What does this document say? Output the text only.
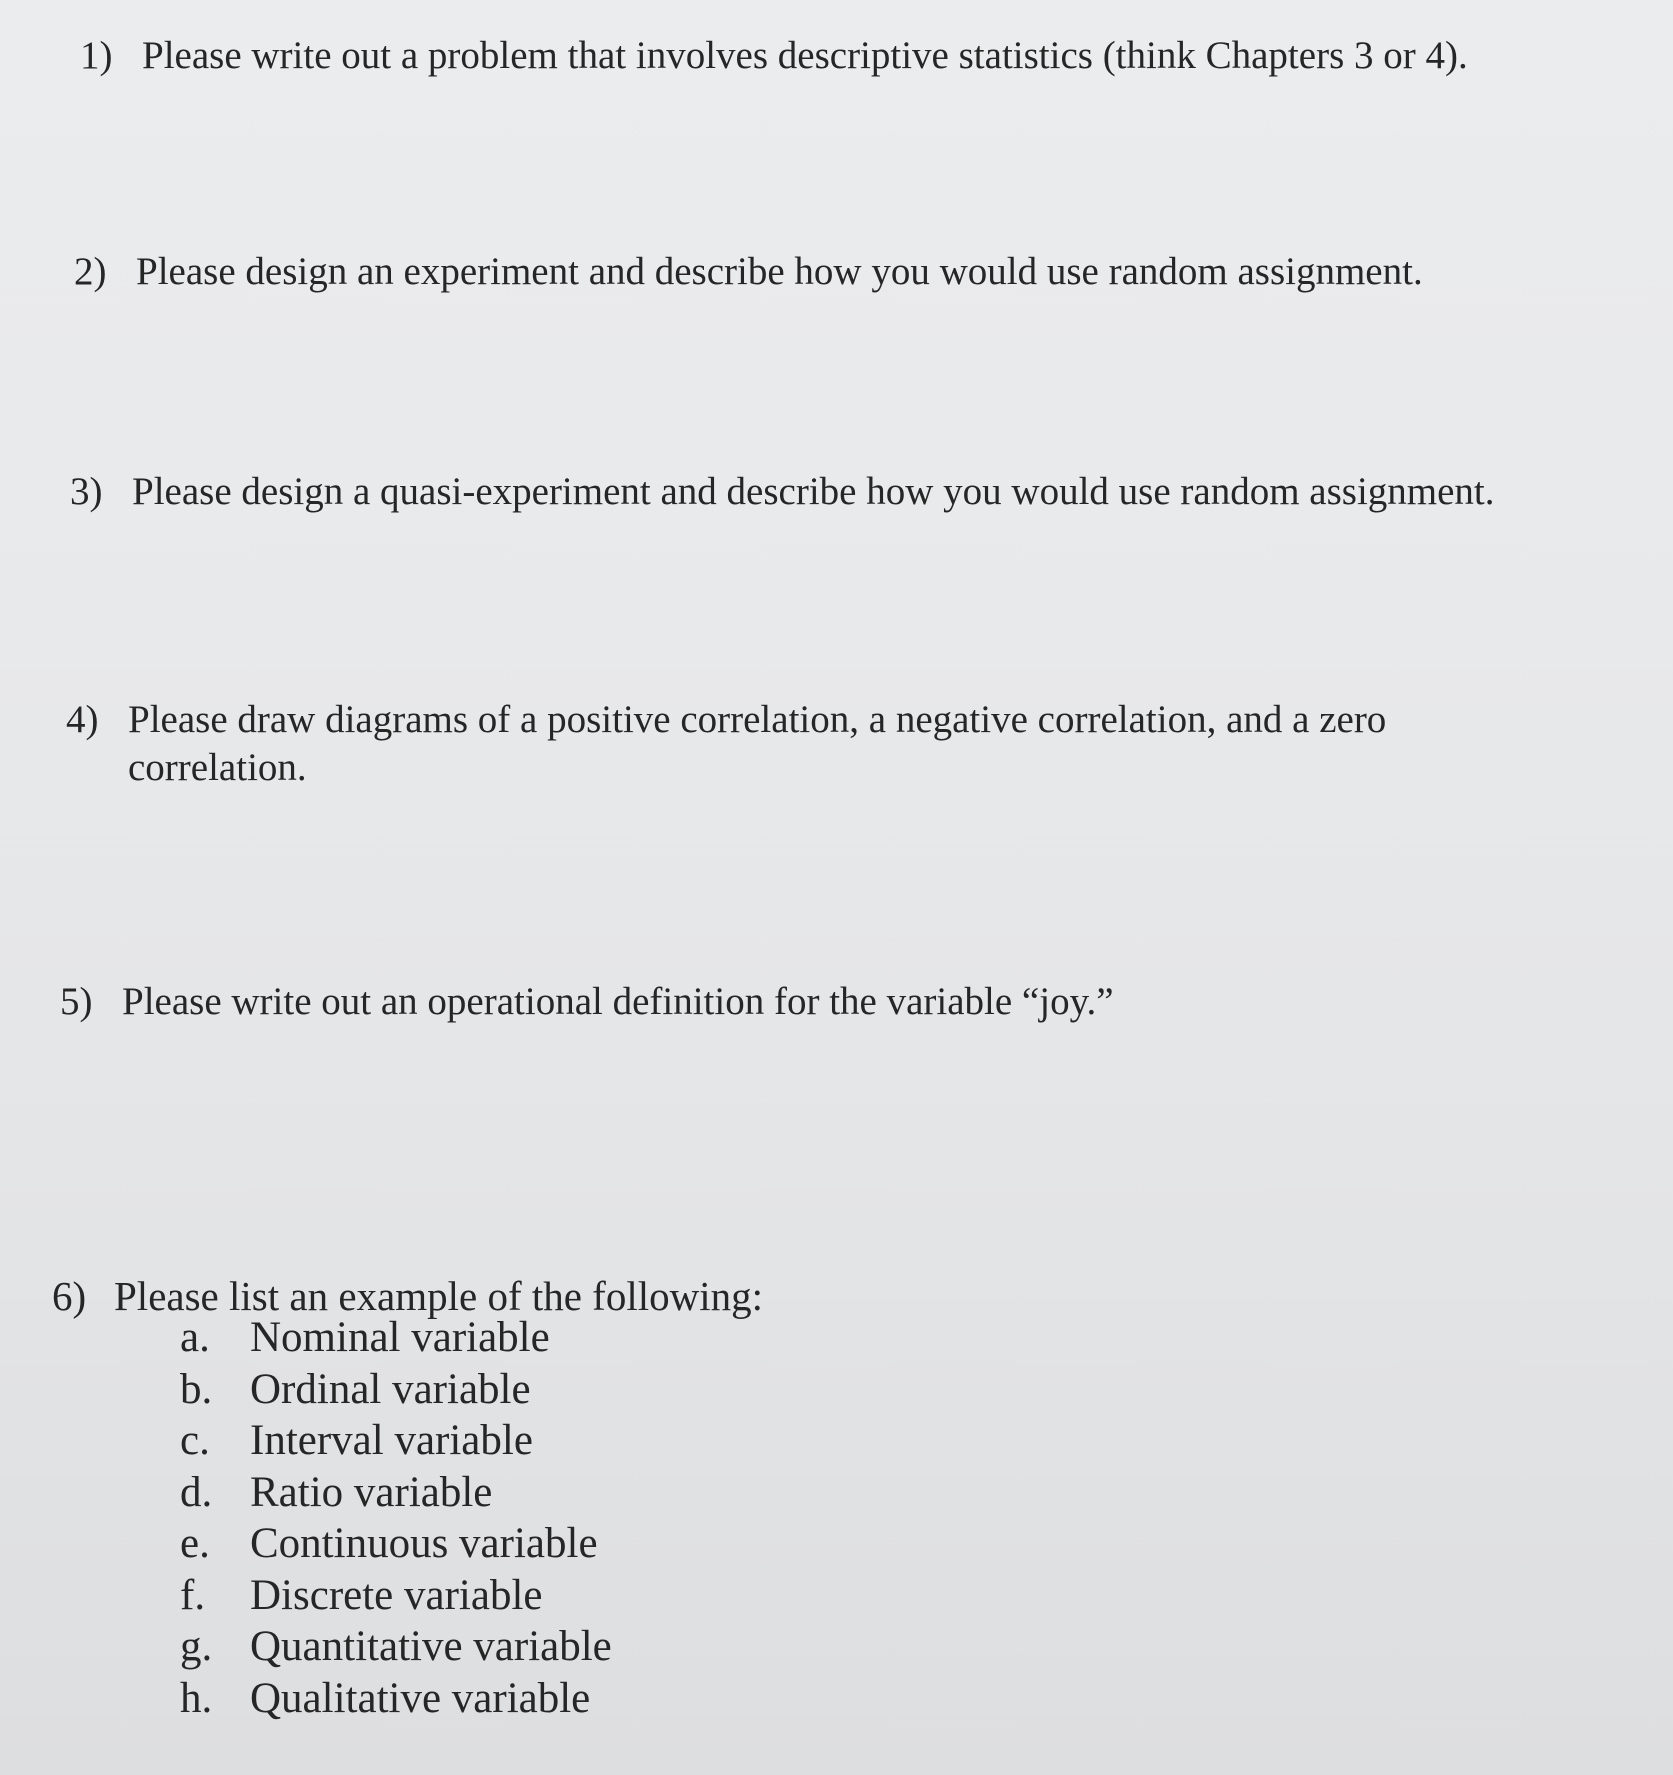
1) Please write out a problem that involves descriptive statistics (think Chapters 3 or 4).
2) Please design an experiment and describe how you would use random assignment.
3) Please design a quasi-experiment and describe how you would use random assignment.
4) Please draw diagrams of a positive correlation, a negative correlation, and a zero
correlation.
5) Please write out an operational definition for the variable “joy.”
6) Please list an example of the following:
a. Nominal variable
b. Ordinal variable
c. Interval variable
d. Ratio variable
e. Continuous variable
f. Discrete variable
g. Quantitative variable
h. Qualitative variable
